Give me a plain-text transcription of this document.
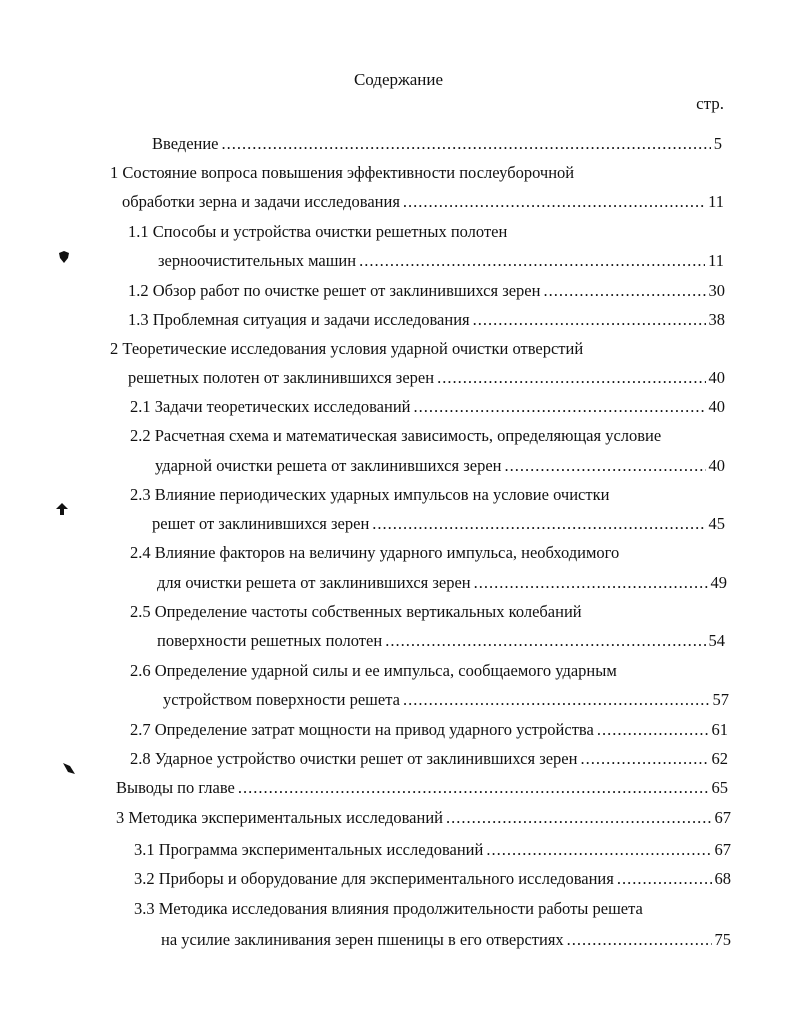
Содержание
стр.
Введение .....	5
1 Состояние вопроса повышения эффективности послеуборочной
обработки зерна и задачи исследования .....	11
1.1 Способы и устройства очистки решетных полотен
зерноочистительных машин .....	11
1.2 Обзор работ по очистке решет от заклинившихся зерен .....	30
1.3 Проблемная ситуация и задачи исследования .....	38
2 Теоретические исследования условия ударной очистки отверстий
решетных полотен от заклинившихся зерен .....	40
2.1 Задачи теоретических исследований .....	40
2.2 Расчетная схема и математическая зависимость, определяющая условие
ударной очистки решета от заклинившихся зерен .....	40
2.3 Влияние периодических ударных импульсов на условие очистки
решет от заклинившихся зерен .....	45
2.4 Влияние факторов на величину ударного импульса, необходимого
для очистки решета от заклинившихся зерен .....	49
2.5 Определение частоты собственных вертикальных колебаний
поверхности решетных полотен .....	54
2.6 Определение ударной силы и ее импульса, сообщаемого ударным
устройством поверхности решета .....	57
2.7 Определение затрат мощности на привод ударного устройства .....	61
2.8 Ударное устройство очистки решет от заклинившихся зерен .....	62
Выводы по главе .....	65
3 Методика экспериментальных исследований .....	67
3.1 Программа экспериментальных исследований .....	67
3.2 Приборы и оборудование для экспериментального исследования .....	68
3.3 Методика исследования влияния продолжительности работы решета
на усилие заклинивания зерен пшеницы в его отверстиях .....	75
